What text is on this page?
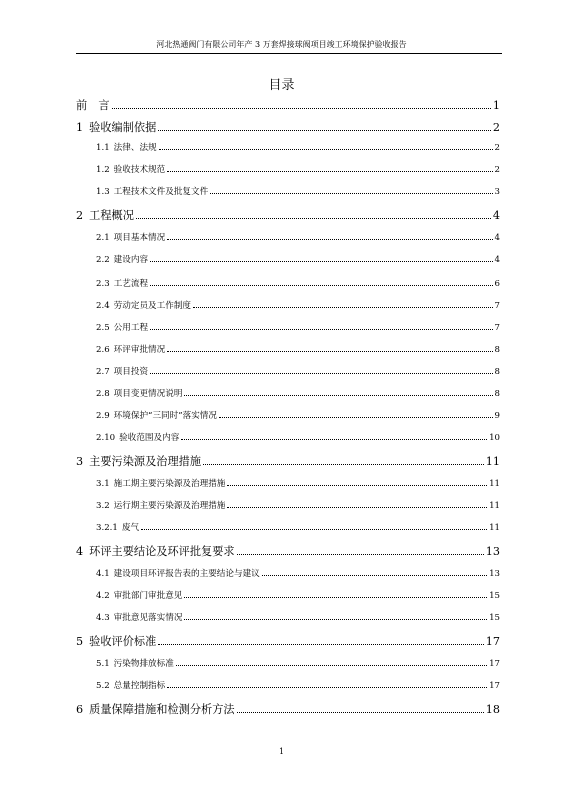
河北热通阀门有限公司年产 3 万套焊接球阀项目竣工环境保护验收报告
目录
前　言	1
1 验收编制依据	2
1.1 法律、法规	2
1.2 验收技术规范	2
1.3 工程技术文件及批复文件	3
2 工程概况	4
2.1 项目基本情况	4
2.2 建设内容	4
2.3 工艺流程	6
2.4 劳动定员及工作制度	7
2.5 公用工程	7
2.6 环评审批情况	8
2.7 项目投资	8
2.8 项目变更情况说明	8
2.9 环境保护“三同时”落实情况	9
2.10 验收范围及内容	10
3 主要污染源及治理措施	11
3.1 施工期主要污染源及治理措施	11
3.2 运行期主要污染源及治理措施	11
3.2.1 废气	11
4 环评主要结论及环评批复要求	13
4.1 建设项目环评报告表的主要结论与建议	13
4.2 审批部门审批意见	15
4.3 审批意见落实情况	15
5 验收评价标准	17
5.1 污染物排放标准	17
5.2 总量控制指标	17
6 质量保障措施和检测分析方法	18
1
